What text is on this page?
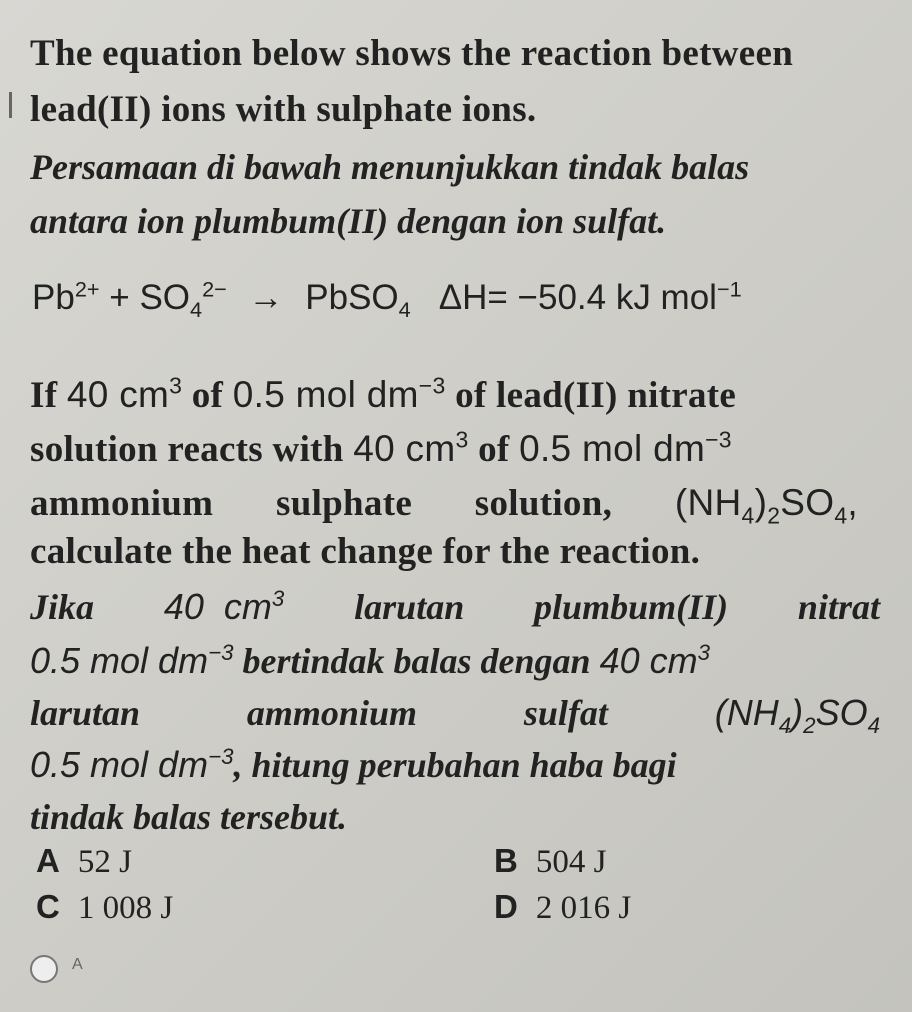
The equation below shows the reaction between
lead(II) ions with sulphate ions.
Persamaan di bawah menunjukkan tindak balas
antara ion plumbum(II) dengan ion sulfat.
$Pb^{2+} + SO_4^{2-}$ → PbSO$_4$ ΔH= −50.4 kJ mol$^{-1}$
If 40 $cm^3$ of 0.5 mol $dm^{-3}$ of lead(II) nitrate
solution reacts with 40 $cm^3$ of 0.5 mol $dm^{-3}$
ammonium sulphate solution, $(NH_4)_2SO_4$,
calculate the heat change for the reaction.
Jika 40 $cm^3$ larutan plumbum(II) nitrat
0.5 mol $dm^{-3}$ bertindak balas dengan 40 $cm^3$
larutan	ammonium	sulfat	$(NH_4)_2SO_4$
0.5 mol $dm^{-3}$, hitung perubahan haba bagi
tindak balas tersebut.
A 52 J	B 504 J
C 1 008 J	D 2 016 J
A
